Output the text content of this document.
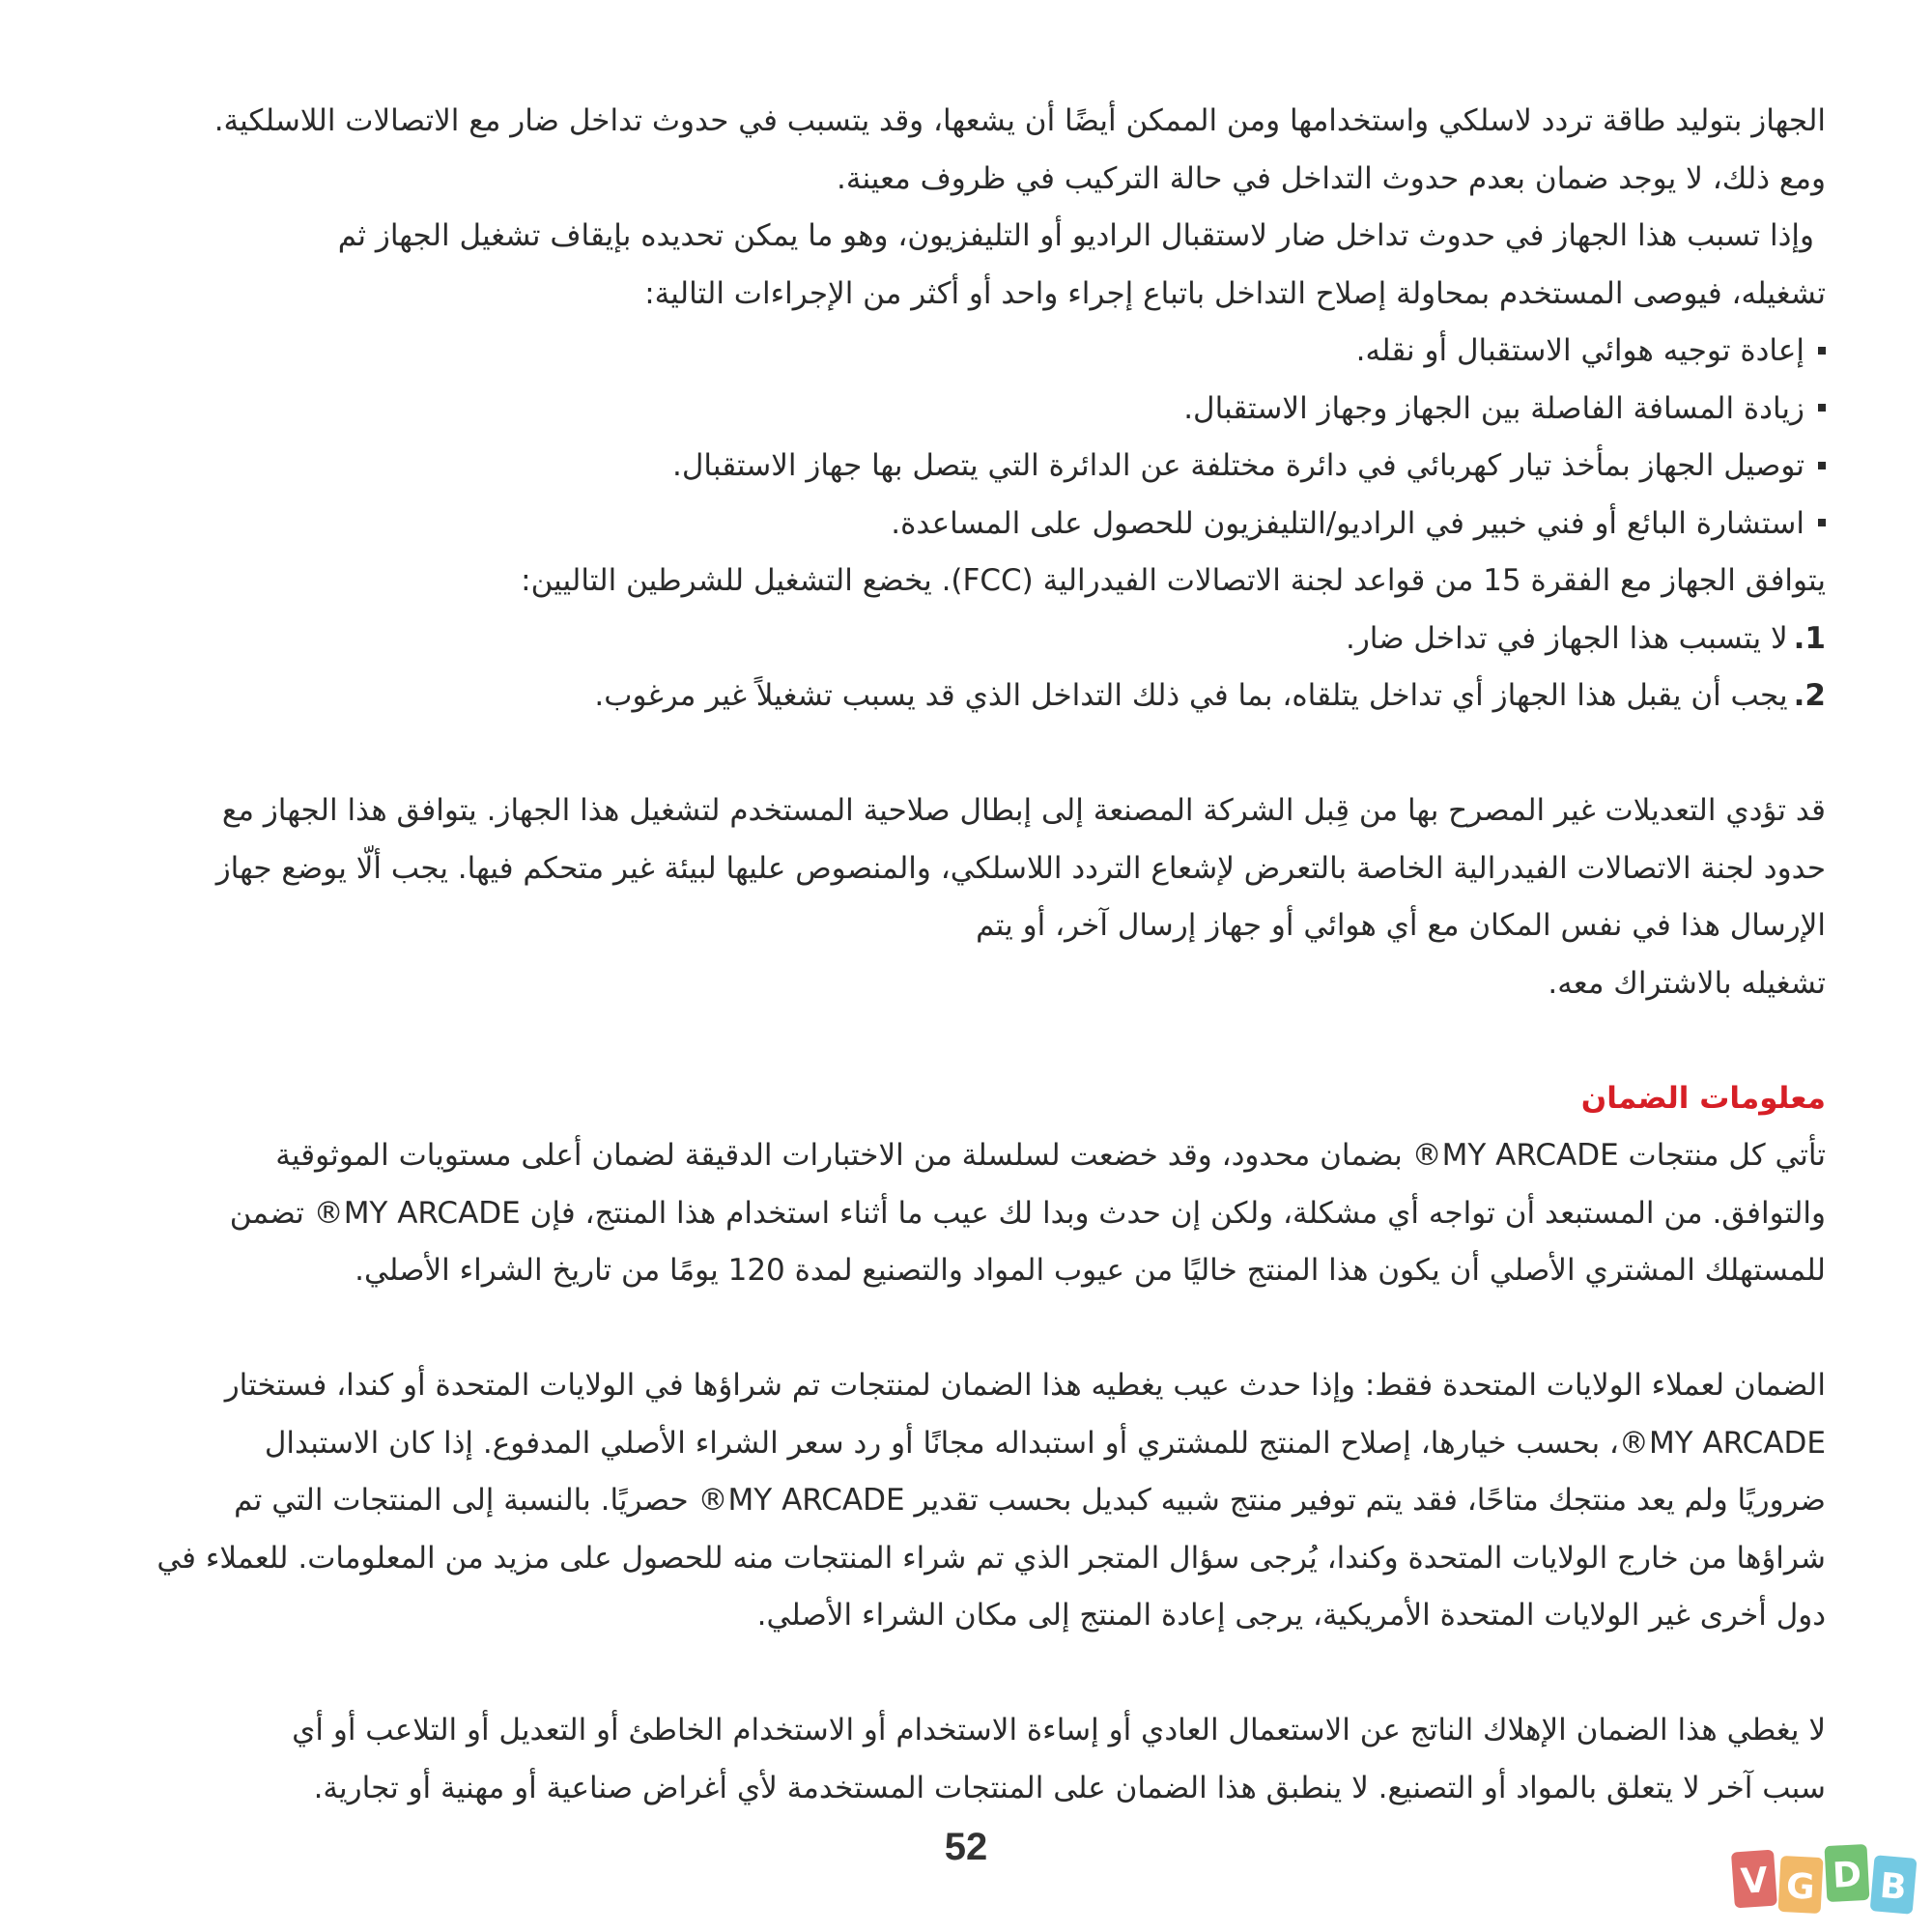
الجهاز بتوليد طاقة تردد لاسلكي واستخدامها ومن الممكن أيضًا أن يشعها، وقد يتسبب في حدوث تداخل ضار مع الاتصالات اللاسلكية.
ومع ذلك، لا يوجد ضمان بعدم حدوث التداخل في حالة التركيب في ظروف معينة.
وإذا تسبب هذا الجهاز في حدوث تداخل ضار لاستقبال الراديو أو التليفزيون، وهو ما يمكن تحديده بإيقاف تشغيل الجهاز ثم
تشغيله، فيوصى المستخدم بمحاولة إصلاح التداخل باتباع إجراء واحد أو أكثر من الإجراءات التالية:
إعادة توجيه هوائي الاستقبال أو نقله.
زيادة المسافة الفاصلة بين الجهاز وجهاز الاستقبال.
توصيل الجهاز بمأخذ تيار كهربائي في دائرة مختلفة عن الدائرة التي يتصل بها جهاز الاستقبال.
استشارة البائع أو فني خبير في الراديو/التليفزيون للحصول على المساعدة.
يتوافق الجهاز مع الفقرة 15 من قواعد لجنة الاتصالات الفيدرالية (FCC). يخضع التشغيل للشرطين التاليين:
1.لا يتسبب هذا الجهاز في تداخل ضار.
2.يجب أن يقبل هذا الجهاز أي تداخل يتلقاه، بما في ذلك التداخل الذي قد يسبب تشغيلاً غير مرغوب.
قد تؤدي التعديلات غير المصرح بها من قِبل الشركة المصنعة إلى إبطال صلاحية المستخدم لتشغيل هذا الجهاز. يتوافق هذا الجهاز مع
حدود لجنة الاتصالات الفيدرالية الخاصة بالتعرض لإشعاع التردد اللاسلكي، والمنصوص عليها لبيئة غير متحكم فيها. يجب ألّا يوضع جهاز
الإرسال هذا في نفس المكان مع أي هوائي أو جهاز إرسال آخر، أو يتم
تشغيله بالاشتراك معه.
معلومات الضمان
تأتي كل منتجات MY ARCADE® بضمان محدود، وقد خضعت لسلسلة من الاختبارات الدقيقة لضمان أعلى مستويات الموثوقية
والتوافق. من المستبعد أن تواجه أي مشكلة، ولكن إن حدث وبدا لك عيب ما أثناء استخدام هذا المنتج، فإن MY ARCADE® تضمن
للمستهلك المشتري الأصلي أن يكون هذا المنتج خاليًا من عيوب المواد والتصنيع لمدة 120 يومًا من تاريخ الشراء الأصلي.
الضمان لعملاء الولايات المتحدة فقط: وإذا حدث عيب يغطيه هذا الضمان لمنتجات تم شراؤها في الولايات المتحدة أو كندا، فستختار
MY ARCADE®، بحسب خيارها، إصلاح المنتج للمشتري أو استبداله مجانًا أو رد سعر الشراء الأصلي المدفوع. إذا كان الاستبدال
ضروريًا ولم يعد منتجك متاحًا، فقد يتم توفير منتج شبيه كبديل بحسب تقدير MY ARCADE® حصريًا. بالنسبة إلى المنتجات التي تم
شراؤها من خارج الولايات المتحدة وكندا، يُرجى سؤال المتجر الذي تم شراء المنتجات منه للحصول على مزيد من المعلومات. للعملاء في
دول أخرى غير الولايات المتحدة الأمريكية، يرجى إعادة المنتج إلى مكان الشراء الأصلي.
لا يغطي هذا الضمان الإهلاك الناتج عن الاستعمال العادي أو إساءة الاستخدام أو الاستخدام الخاطئ أو التعديل أو التلاعب أو أي
سبب آخر لا يتعلق بالمواد أو التصنيع. لا ينطبق هذا الضمان على المنتجات المستخدمة لأي أغراض صناعية أو مهنية أو تجارية.
52
V G D B
